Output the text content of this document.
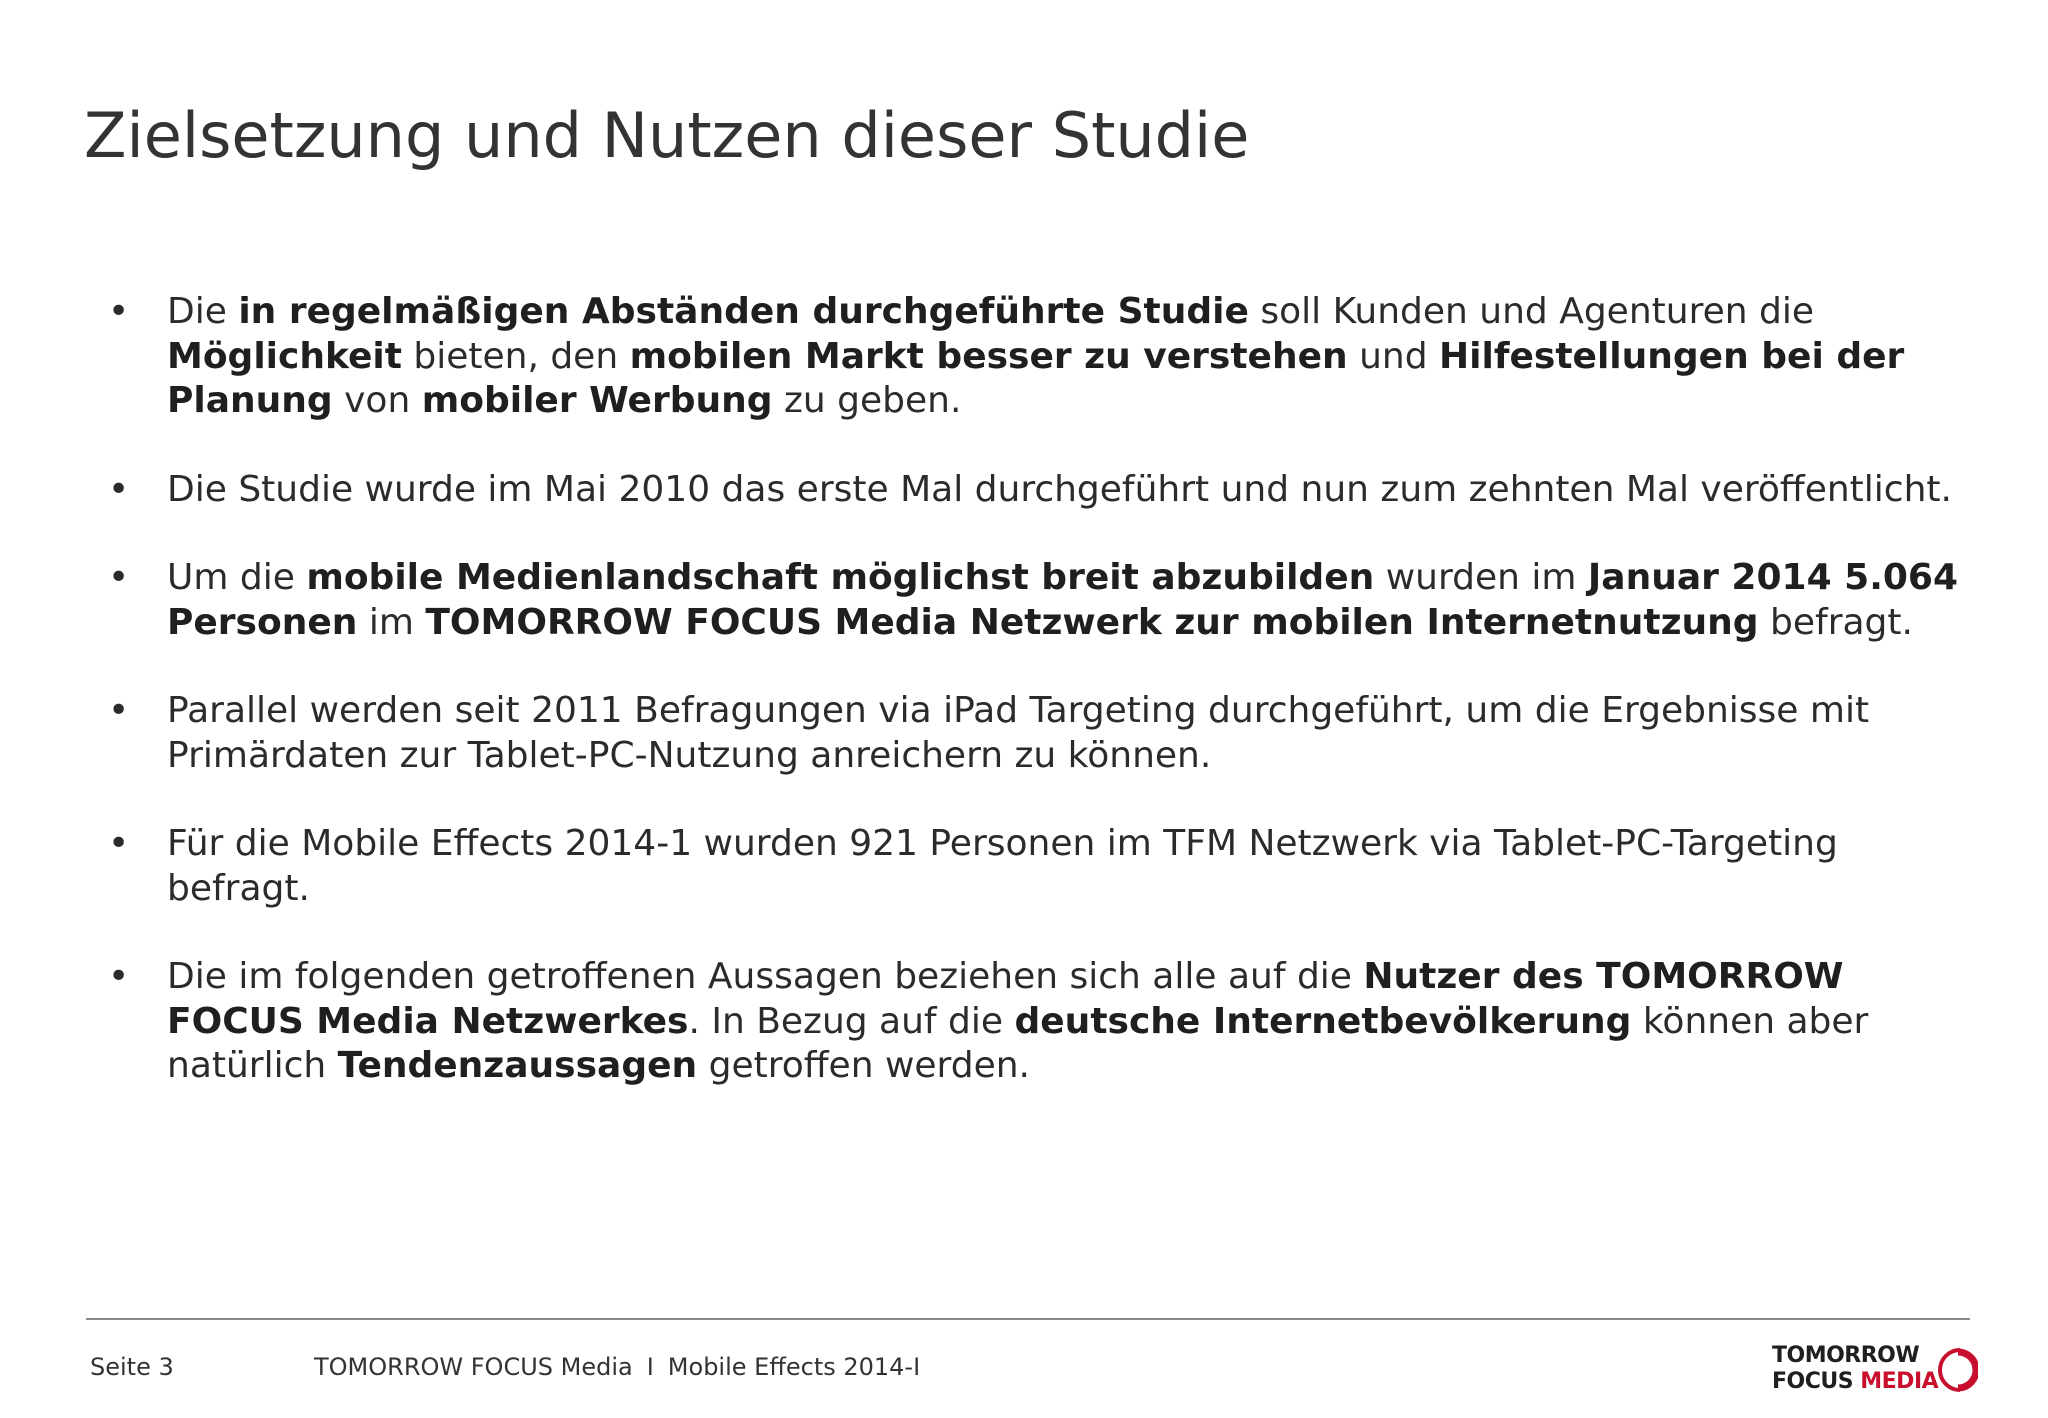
Zielsetzung und Nutzen dieser Studie
• Die in regelmäßigen Abständen durchgeführte Studie soll Kunden und Agenturen die Möglichkeit bieten, den mobilen Markt besser zu verstehen und Hilfestellungen bei der Planung von mobiler Werbung zu geben.
• Die Studie wurde im Mai 2010 das erste Mal durchgeführt und nun zum zehnten Mal veröffentlicht.
• Um die mobile Medienlandschaft möglichst breit abzubilden wurden im Januar 2014 5.064 Personen im TOMORROW FOCUS Media Netzwerk zur mobilen Internetnutzung befragt.
• Parallel werden seit 2011 Befragungen via iPad Targeting durchgeführt, um die Ergebnisse mit Primärdaten zur Tablet-PC-Nutzung anreichern zu können.
• Für die Mobile Effects 2014-1 wurden 921 Personen im TFM Netzwerk via Tablet-PC-Targeting befragt.
• Die im folgenden getroffenen Aussagen beziehen sich alle auf die Nutzer des TOMORROW FOCUS Media Netzwerkes. In Bezug auf die deutsche Internetbevölkerung können aber natürlich Tendenzaussagen getroffen werden.
Seite 3	TOMORROW FOCUS Media I Mobile Effects 2014-I	TOMORROW
FOCUS MEDIA
